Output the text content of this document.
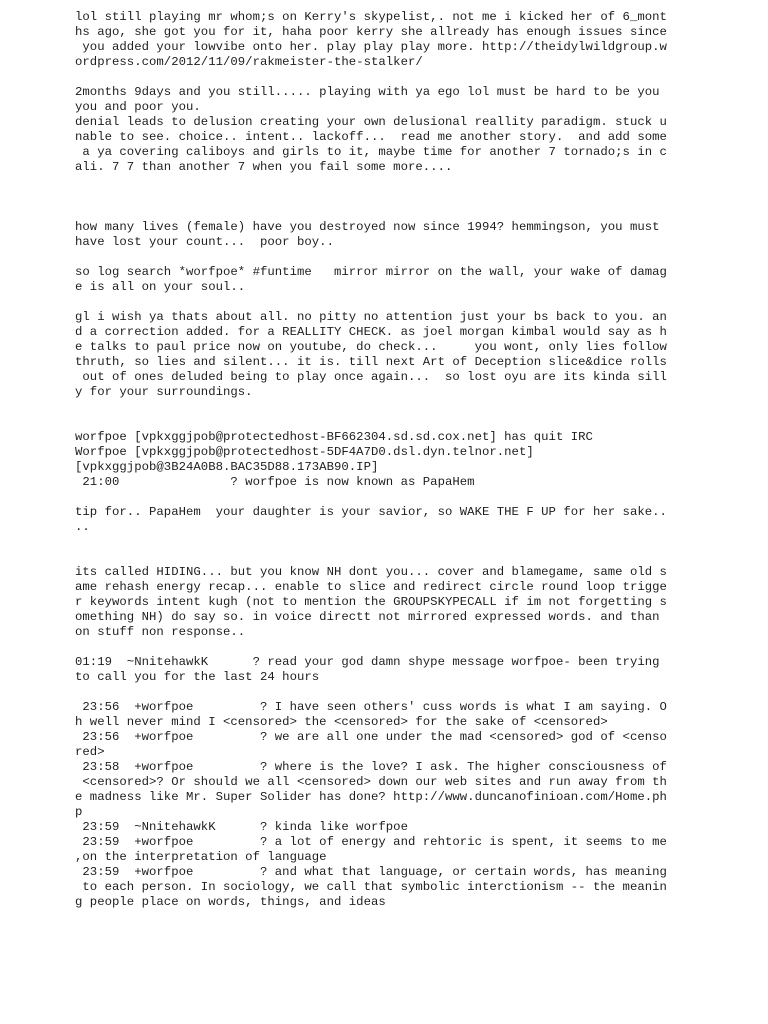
lol still playing mr whom;s on Kerry's skypelist,. not me i kicked her of 6_mont
hs ago, she got you for it, haha poor kerry she allready has enough issues since
you added your lowvibe onto her. play play play more. http://theidylwildgroup.w
ordpress.com/2012/11/09/rakmeister-the-stalker/
2months 9days and you still..... playing with ya ego lol must be hard to be you
you and poor you.
denial leads to delusion creating your own delusional reallity paradigm. stuck u
nable to see. choice.. intent.. lackoff...  read me another story.  and add some
a ya covering caliboys and girls to it, maybe time for another 7 tornado;s in c
ali. 7 7 than another 7 when you fail some more....
how many lives (female) have you destroyed now since 1994? hemmingson, you must
have lost your count...  poor boy..
so log search *worfpoe* #funtime   mirror mirror on the wall, your wake of damag
e is all on your soul..
gl i wish ya thats about all. no pitty no attention just your bs back to you. an
d a correction added. for a REALLITY CHECK. as joel morgan kimbal would say as h
e talks to paul price now on youtube, do check...     you wont, only lies follow
thruth, so lies and silent... it is. till next Art of Deception slice&dice rolls
out of ones deluded being to play once again...  so lost oyu are its kinda sill
y for your surroundings.
worfpoe [vpkxggjpob@protectedhost-BF662304.sd.sd.cox.net] has quit IRC
Worfpoe [vpkxggjpob@protectedhost-5DF4A7D0.dsl.dyn.telnor.net]
[vpkxggjpob@3B24A0B8.BAC35D88.173AB90.IP]
21:00               ? worfpoe is now known as PapaHem
tip for.. PapaHem  your daughter is your savior, so WAKE THE F UP for her sake..
..
its called HIDING... but you know NH dont you... cover and blamegame, same old s
ame rehash energy recap... enable to slice and redirect circle round loop trigge
r keywords intent kugh (not to mention the GROUPSKYPECALL if im not forgetting s
omething NH) do say so. in voice directt not mirrored expressed words. and than
on stuff non response..
01:19  ~NnitehawkK      ? read your god damn shype message worfpoe- been trying
to call you for the last 24 hours
23:56  +worfpoe         ? I have seen others' cuss words is what I am saying. O
h well never mind I <censored> the <censored> for the sake of <censored>
23:56  +worfpoe         ? we are all one under the mad <censored> god of <censo
red>
23:58  +worfpoe         ? where is the love? I ask. The higher consciousness of
<censored>? Or should we all <censored> down our web sites and run away from th
e madness like Mr. Super Solider has done? http://www.duncanofinioan.com/Home.ph
p
23:59  ~NnitehawkK      ? kinda like worfpoe
23:59  +worfpoe         ? a lot of energy and rehtoric is spent, it seems to me
,on the interpretation of language
23:59  +worfpoe         ? and what that language, or certain words, has meaning
to each person. In sociology, we call that symbolic interctionism -- the meanin
g people place on words, things, and ideas
